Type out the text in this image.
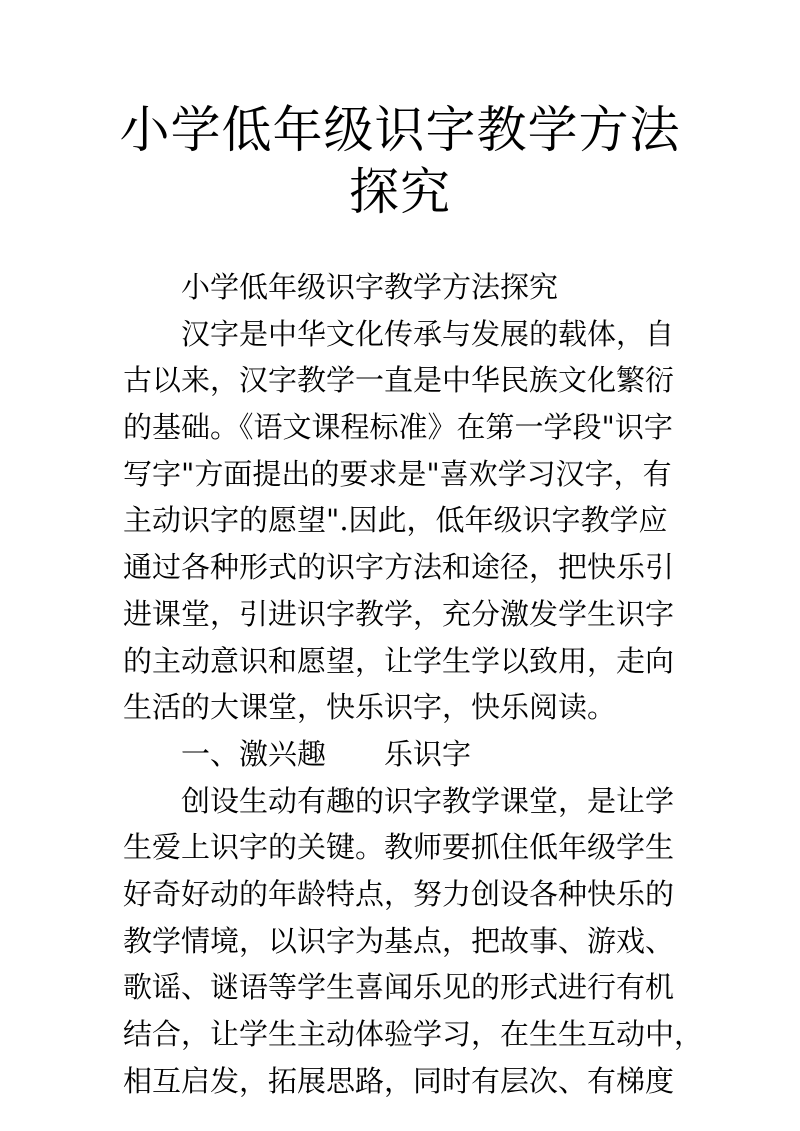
小学低年级识字教学方法
探究
小学低年级识字教学方法探究
汉字是中华文化传承与发展的载体，自
古以来，汉字教学一直是中华民族文化繁衍
的基础。《语文课程标准》在第一学段"识字
写字"方面提出的要求是"喜欢学习汉字，有
主动识字的愿望".因此，低年级识字教学应
通过各种形式的识字方法和途径，把快乐引
进课堂，引进识字教学，充分激发学生识字
的主动意识和愿望，让学生学以致用，走向
生活的大课堂，快乐识字，快乐阅读。
一、激兴趣　　乐识字
创设生动有趣的识字教学课堂，是让学
生爱上识字的关键。教师要抓住低年级学生
好奇好动的年龄特点，努力创设各种快乐的
教学情境，以识字为基点，把故事、游戏、
歌谣、谜语等学生喜闻乐见的形式进行有机
结合，让学生主动体验学习，在生生互动中，
相互启发，拓展思路，同时有层次、有梯度
